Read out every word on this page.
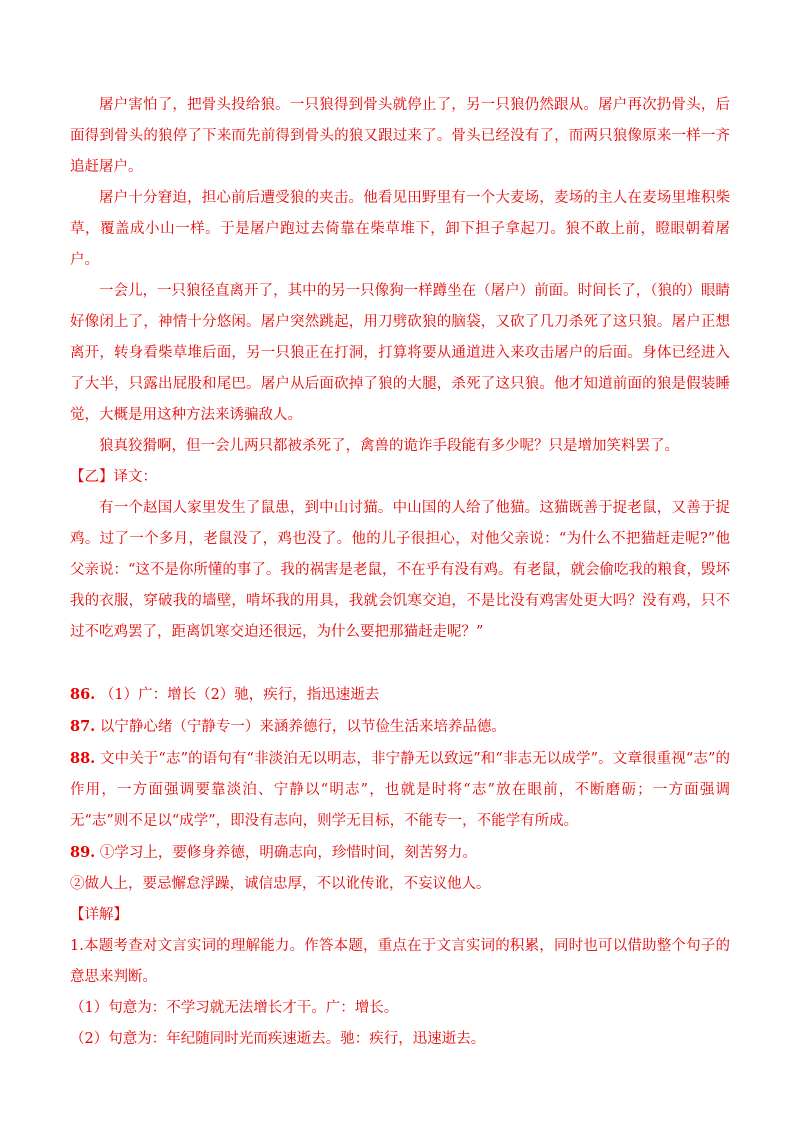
屠户害怕了，把骨头投给狼。一只狼得到骨头就停止了，另一只狼仍然跟从。屠户再次扔骨头，后面得到骨头的狼停了下来而先前得到骨头的狼又跟过来了。骨头已经没有了，而两只狼像原来一样一齐追赶屠户。

屠户十分窘迫，担心前后遭受狼的夹击。他看见田野里有一个大麦场，麦场的主人在麦场里堆积柴草，覆盖成小山一样。于是屠户跑过去倚靠在柴草堆下，卸下担子拿起刀。狼不敢上前，瞪眼朝着屠户。

一会儿，一只狼径直离开了，其中的另一只像狗一样蹲坐在（屠户）前面。时间长了，（狼的）眼睛好像闭上了，神情十分悠闲。屠户突然跳起，用刀劈砍狼的脑袋，又砍了几刀杀死了这只狼。屠户正想离开，转身看柴草堆后面，另一只狼正在打洞，打算将要从通道进入来攻击屠户的后面。身体已经进入了大半，只露出屁股和尾巴。屠户从后面砍掉了狼的大腿，杀死了这只狼。他才知道前面的狼是假装睡觉，大概是用这种方法来诱骗敌人。

狼真狡猾啊，但一会儿两只都被杀死了，禽兽的诡诈手段能有多少呢？只是增加笑料罢了。

【乙】译文：

有一个赵国人家里发生了鼠患，到中山讨猫。中山国的人给了他猫。这猫既善于捉老鼠，又善于捉鸡。过了一个多月，老鼠没了，鸡也没了。他的儿子很担心，对他父亲说：“为什么不把猫赶走呢?”他父亲说：“这不是你所懂的事了。我的祸害是老鼠，不在乎有没有鸡。有老鼠，就会偷吃我的粮食，毁坏我的衣服，穿破我的墙壁，啃坏我的用具，我就会饥寒交迫，不是比没有鸡害处更大吗？没有鸡，只不过不吃鸡罢了，距离饥寒交迫还很远，为什么要把那猫赶走呢？”

86. （1）广：增长（2）驰，疾行，指迅速逝去

87. 以宁静心绪（宁静专一）来涵养德行，以节俭生活来培养品德。

88. 文中关于“志”的语句有“非淡泊无以明志，非宁静无以致远”和“非志无以成学”。文章很重视“志”的作用，一方面强调要靠淡泊、宁静以“明志”，也就是时将“志”放在眼前，不断磨砺；一方面强调无“志”则不足以“成学”，即没有志向，则学无目标，不能专一，不能学有所成。

89. ①学习上，要修身养德，明确志向，珍惜时间，刻苦努力。

②做人上，要忌懈怠浮躁，诚信忠厚，不以讹传讹，不妄议他人。

【详解】

1.本题考查对文言实词的理解能力。作答本题，重点在于文言实词的积累，同时也可以借助整个句子的意思来判断。

（1）句意为：不学习就无法增长才干。广：增长。

（2）句意为：年纪随同时光而疾速逝去。驰：疾行，迅速逝去。
